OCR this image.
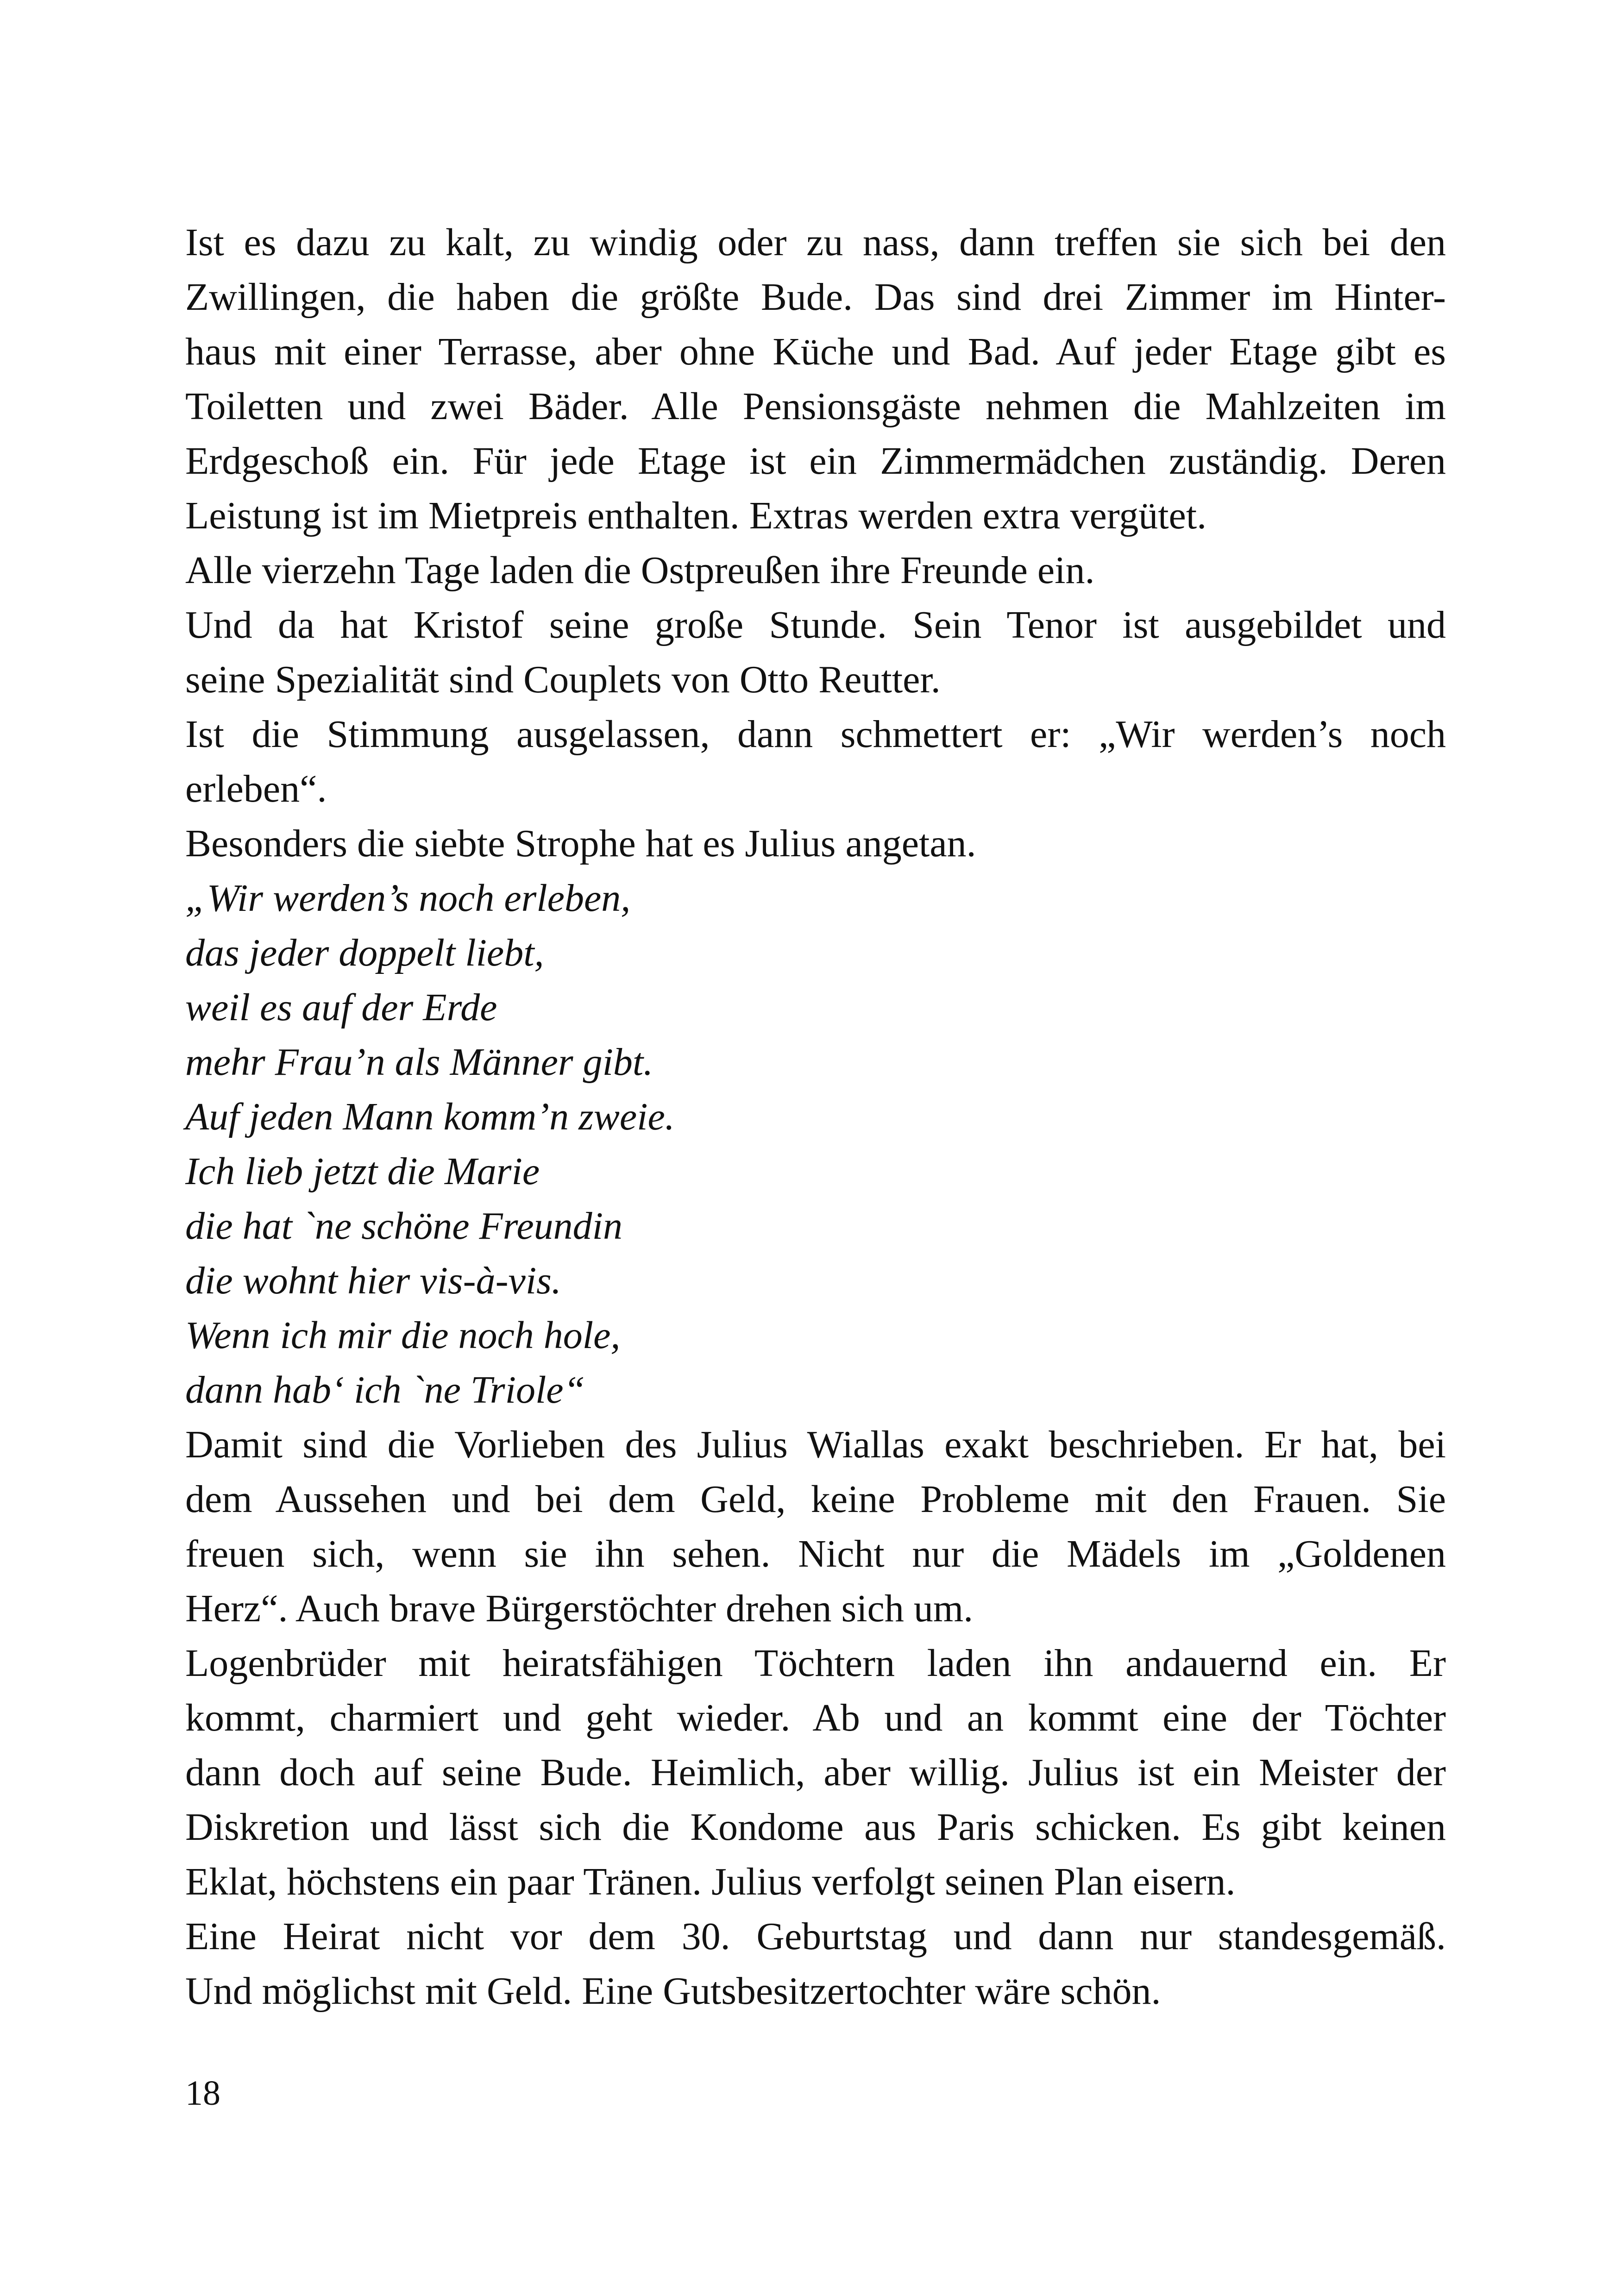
Ist es dazu zu kalt, zu windig oder zu nass, dann treffen sie sich bei den
Zwillingen, die haben die größte Bude. Das sind drei Zimmer im Hinter-
haus mit einer Terrasse, aber ohne Küche und Bad. Auf jeder Etage gibt es
Toiletten und zwei Bäder. Alle Pensionsgäste nehmen die Mahlzeiten im
Erdgeschoß ein. Für jede Etage ist ein Zimmermädchen zuständig. Deren
Leistung ist im Mietpreis enthalten. Extras werden extra vergütet.
Alle vierzehn Tage laden die Ostpreußen ihre Freunde ein.
Und da hat Kristof seine große Stunde. Sein Tenor ist ausgebildet und
seine Spezialität sind Couplets von Otto Reutter.
Ist die Stimmung ausgelassen, dann schmettert er: „Wir werden’s noch
erleben“.
Besonders die siebte Strophe hat es Julius angetan.
„Wir werden’s noch erleben,
das jeder doppelt liebt,
weil es auf der Erde
mehr Frau’n als Männer gibt.
Auf jeden Mann komm’n zweie.
Ich lieb jetzt die Marie
die hat `ne schöne Freundin
die wohnt hier vis-à-vis.
Wenn ich mir die noch hole,
dann hab‘ ich `ne Triole“
Damit sind die Vorlieben des Julius Wiallas exakt beschrieben. Er hat, bei
dem Aussehen und bei dem Geld, keine Probleme mit den Frauen. Sie
freuen sich, wenn sie ihn sehen. Nicht nur die Mädels im „Goldenen
Herz“. Auch brave Bürgerstöchter drehen sich um.
Logenbrüder mit heiratsfähigen Töchtern laden ihn andauernd ein. Er
kommt, charmiert und geht wieder. Ab und an kommt eine der Töchter
dann doch auf seine Bude. Heimlich, aber willig. Julius ist ein Meister der
Diskretion und lässt sich die Kondome aus Paris schicken. Es gibt keinen
Eklat, höchstens ein paar Tränen. Julius verfolgt seinen Plan eisern.
Eine Heirat nicht vor dem 30. Geburtstag und dann nur standesgemäß.
Und möglichst mit Geld. Eine Gutsbesitzertochter wäre schön.
18
